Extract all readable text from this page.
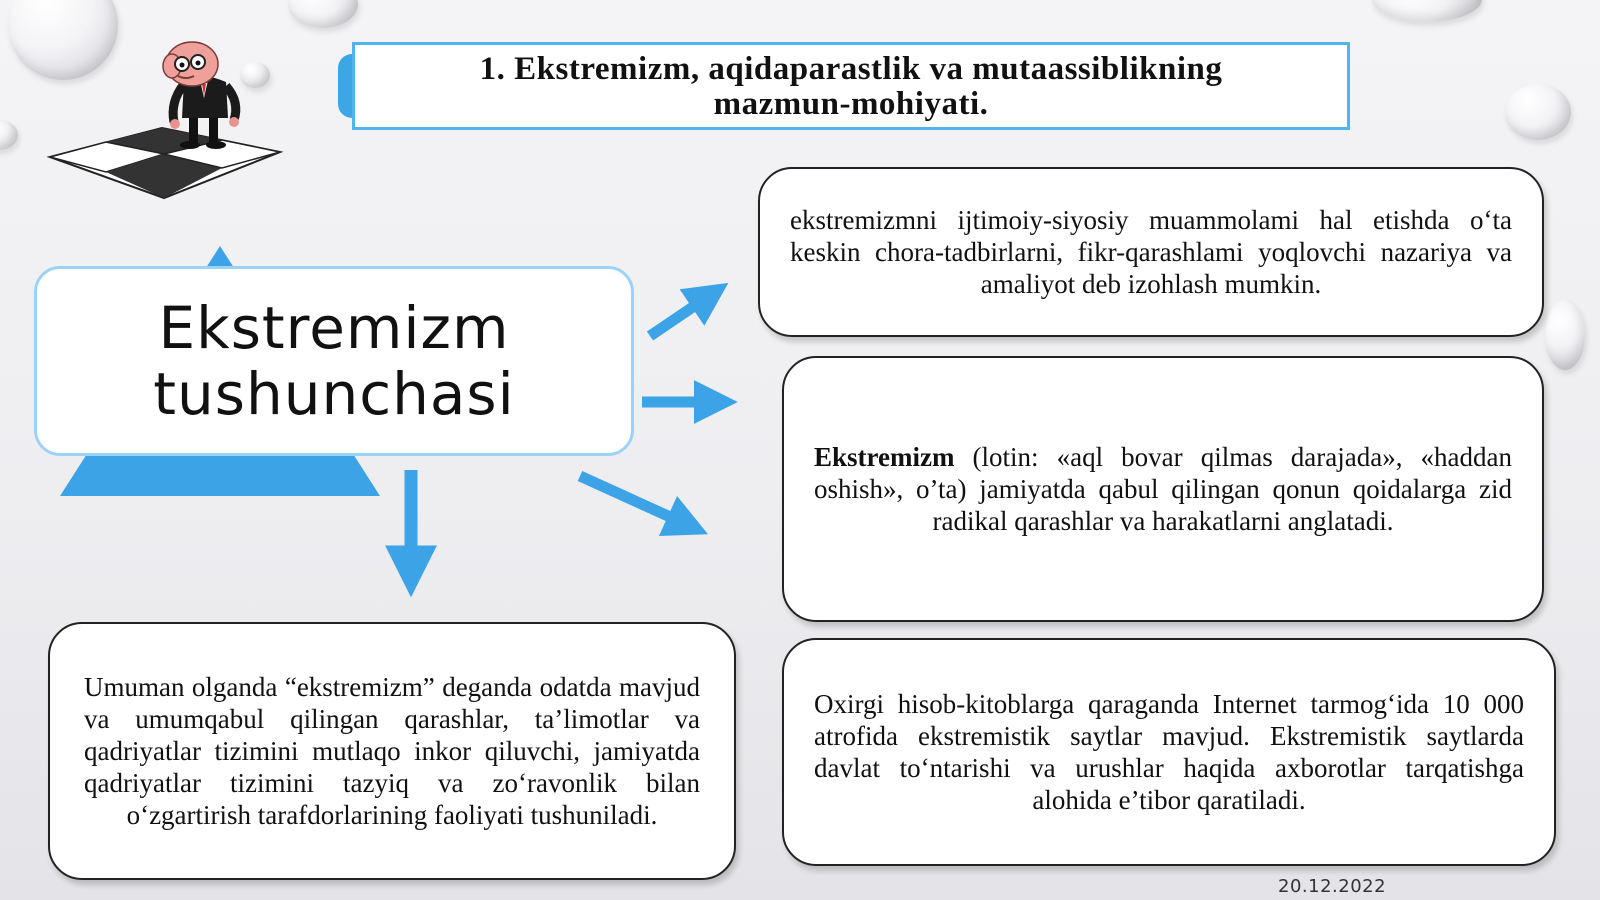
1. Ekstremizm, aqidaparastlik va mutaassiblikning
mazmun-mohiyati.
Ekstremizm
tushunchasi

ekstremizmni ijtimoiy-siyosiy muammolami hal etishda o‘ta keskin chora-tadbirlarni, fikr-qarashlami yoqlovchi nazariya va amaliyot deb izohlash mumkin.

Ekstremizm (lotin: «aql bovar qilmas darajada», «haddan oshish», o’ta) jamiyatda qabul qilingan qonun qoidalarga zid radikal qarashlar va harakatlarni anglatadi.

Umuman olganda “ekstremizm” deganda odatda mavjud va umumqabul qilingan qarashlar, ta’limotlar va qadriyatlar tizimini mutlaqo inkor qiluvchi, jamiyatda qadriyatlar tizimini tazyiq va zo‘ravonlik bilan o‘zgartirish tarafdorlarining faoliyati tushuniladi.

Oxirgi hisob-kitoblarga qaraganda Internet tarmog‘ida 10 000 atrofida ekstremistik saytlar mavjud. Ekstremistik saytlarda davlat to‘ntarishi va urushlar haqida axborotlar tarqatishga alohida e’tibor qaratiladi.

20.12.2022
